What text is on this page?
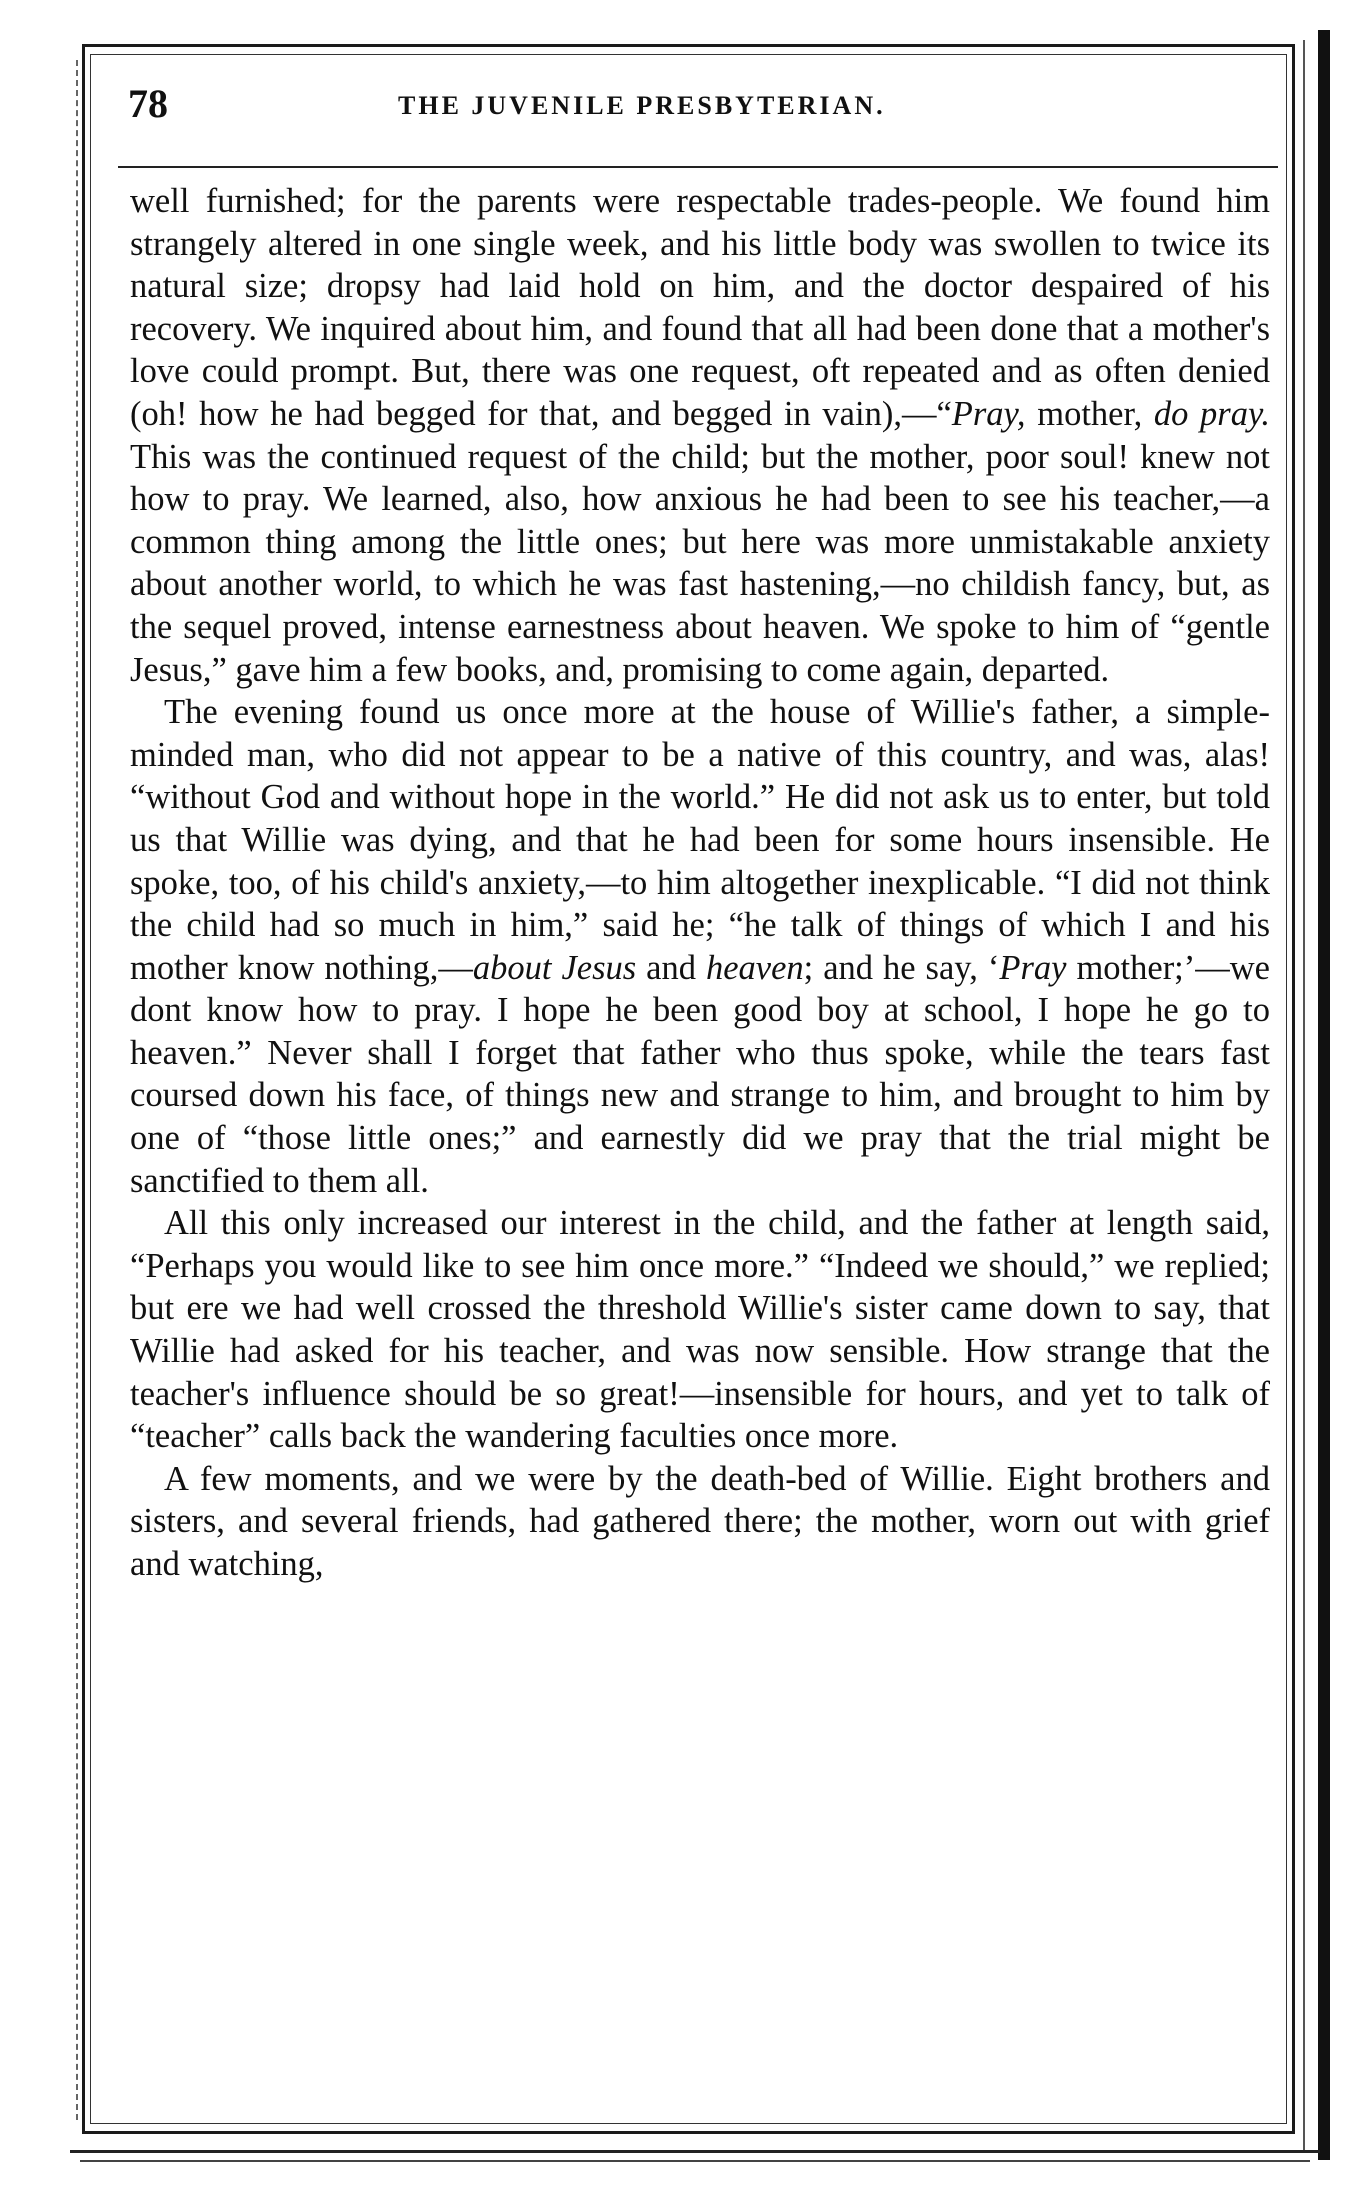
78	THE JUVENILE PRESBYTERIAN.

well furnished; for the parents were respectable trades-people. We found him strangely altered in one single week, and his little body was swollen to twice its natural size; dropsy had laid hold on him, and the doctor despaired of his recovery. We inquired about him, and found that all had been done that a mother's love could prompt. But, there was one request, oft repeated and as often denied (oh! how he had begged for that, and begged in vain),—“Pray, mother, do pray. This was the continued request of the child; but the mother, poor soul! knew not how to pray. We learned, also, how anxious he had been to see his teacher,—a common thing among the little ones; but here was more unmistakable anxiety about another world, to which he was fast hastening,—no childish fancy, but, as the sequel proved, intense earnestness about heaven. We spoke to him of “gentle Jesus,” gave him a few books, and, promising to come again, departed.

The evening found us once more at the house of Willie's father, a simple-minded man, who did not appear to be a native of this country, and was, alas! “without God and without hope in the world.” He did not ask us to enter, but told us that Willie was dying, and that he had been for some hours insensible. He spoke, too, of his child's anxiety,—to him altogether inexplicable. “I did not think the child had so much in him,” said he; “he talk of things of which I and his mother know nothing,—about Jesus and heaven; and he say, ‘Pray mother;’—we dont know how to pray. I hope he been good boy at school, I hope he go to heaven.” Never shall I forget that father who thus spoke, while the tears fast coursed down his face, of things new and strange to him, and brought to him by one of “those little ones;” and earnestly did we pray that the trial might be sanctified to them all.

All this only increased our interest in the child, and the father at length said, “Perhaps you would like to see him once more.” “Indeed we should,” we replied; but ere we had well crossed the threshold Willie's sister came down to say, that Willie had asked for his teacher, and was now sensible. How strange that the teacher's influence should be so great!—insensible for hours, and yet to talk of “teacher” calls back the wandering faculties once more.

A few moments, and we were by the death-bed of Willie. Eight brothers and sisters, and several friends, had gathered there; the mother, worn out with grief and watching,
